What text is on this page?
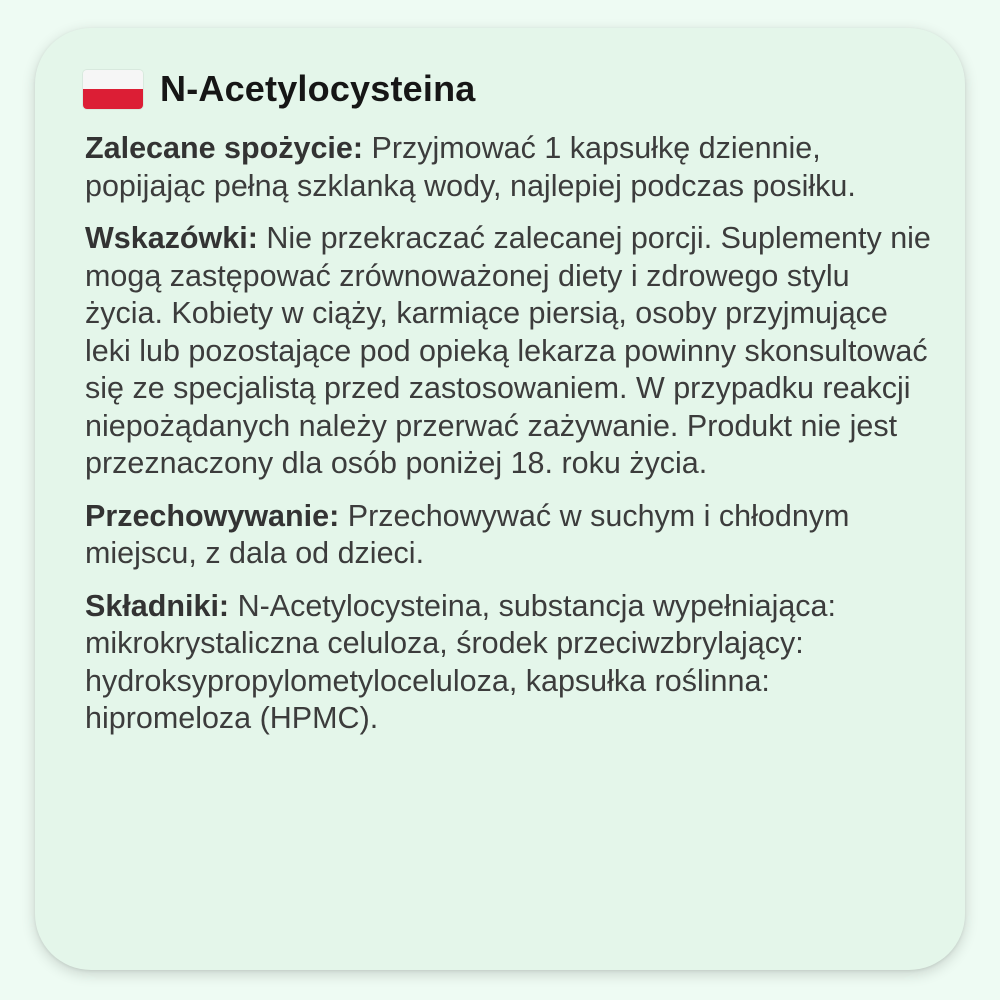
N-Acetylocysteina

Zalecane spożycie: Przyjmować 1 kapsułkę dziennie, popijając pełną szklanką wody, najlepiej podczas posiłku.

Wskazówki: Nie przekraczać zalecanej porcji. Suplementy nie mogą zastępować zrównoważonej diety i zdrowego stylu życia. Kobiety w ciąży, karmiące piersią, osoby przyjmujące leki lub pozostające pod opieką lekarza powinny skonsultować się ze specjalistą przed zastosowaniem. W przypadku reakcji niepożądanych należy przerwać zażywanie. Produkt nie jest przeznaczony dla osób poniżej 18. roku życia.

Przechowywanie: Przechowywać w suchym i chłodnym miejscu, z dala od dzieci.

Składniki: N-Acetylocysteina, substancja wypełniająca: mikrokrystaliczna celuloza, środek przeciwzbrylający: hydroksypropylometyloceluloza, kapsułka roślinna: hipromeloza (HPMC).
